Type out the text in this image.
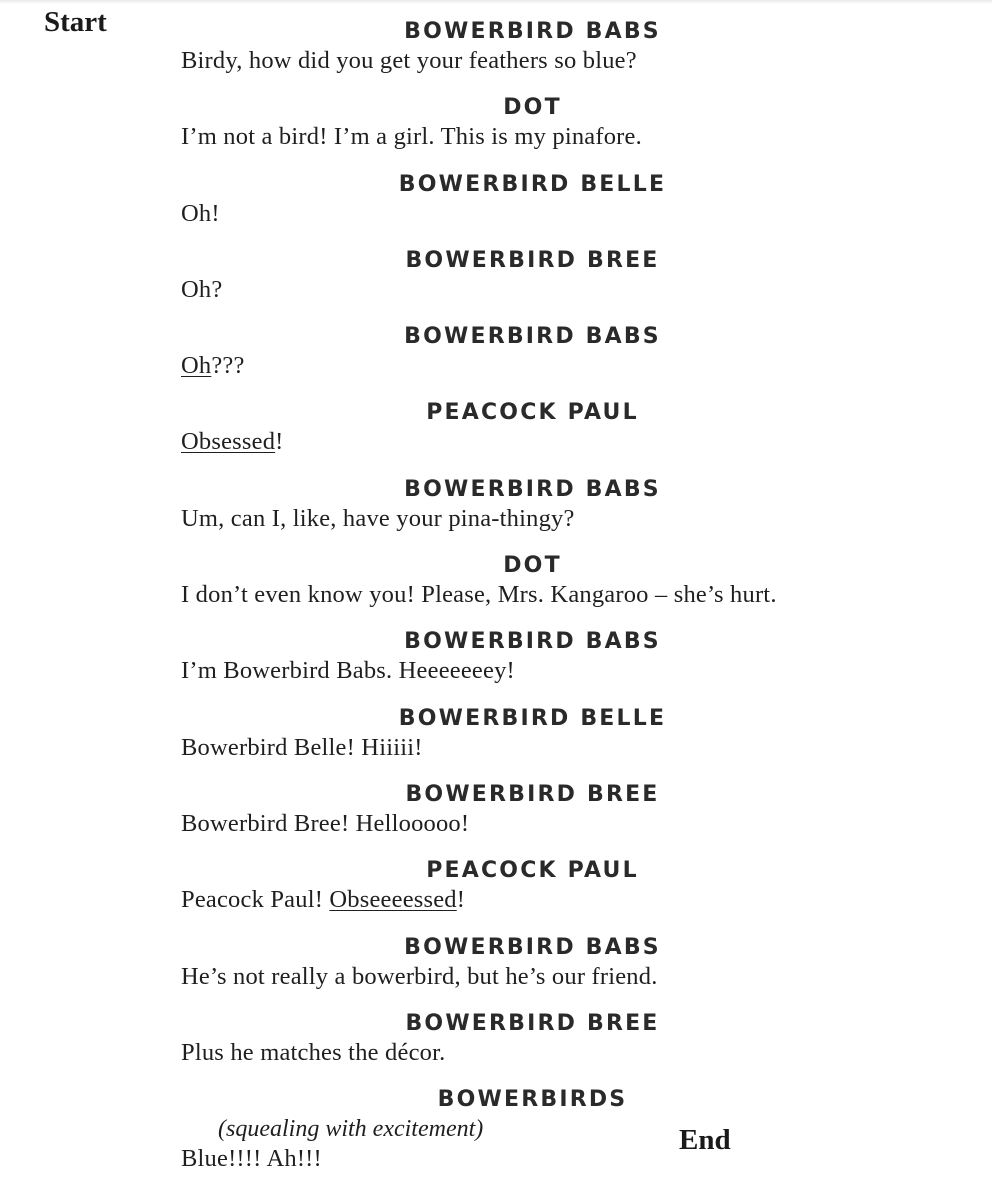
Start	BOWERBIRD BABS
Birdy, how did you get your feathers so blue?
DOT
I’m not a bird! I’m a girl. This is my pinafore.
BOWERBIRD BELLE
Oh!
BOWERBIRD BREE
Oh?
BOWERBIRD BABS
Oh???
PEACOCK PAUL
Obsessed!
BOWERBIRD BABS
Um, can I, like, have your pina-thingy?
DOT
I don’t even know you! Please, Mrs. Kangaroo – she’s hurt.
BOWERBIRD BABS
I’m Bowerbird Babs. Heeeeeeey!
BOWERBIRD BELLE
Bowerbird Belle! Hiiiii!
BOWERBIRD BREE
Bowerbird Bree! Hellooooo!
PEACOCK PAUL
Peacock Paul! Obseeeessed!
BOWERBIRD BABS
He’s not really a bowerbird, but he’s our friend.
BOWERBIRD BREE
Plus he matches the décor.
BOWERBIRDS
(squealing with excitement)
Blue!!!! Ah!!!

End
